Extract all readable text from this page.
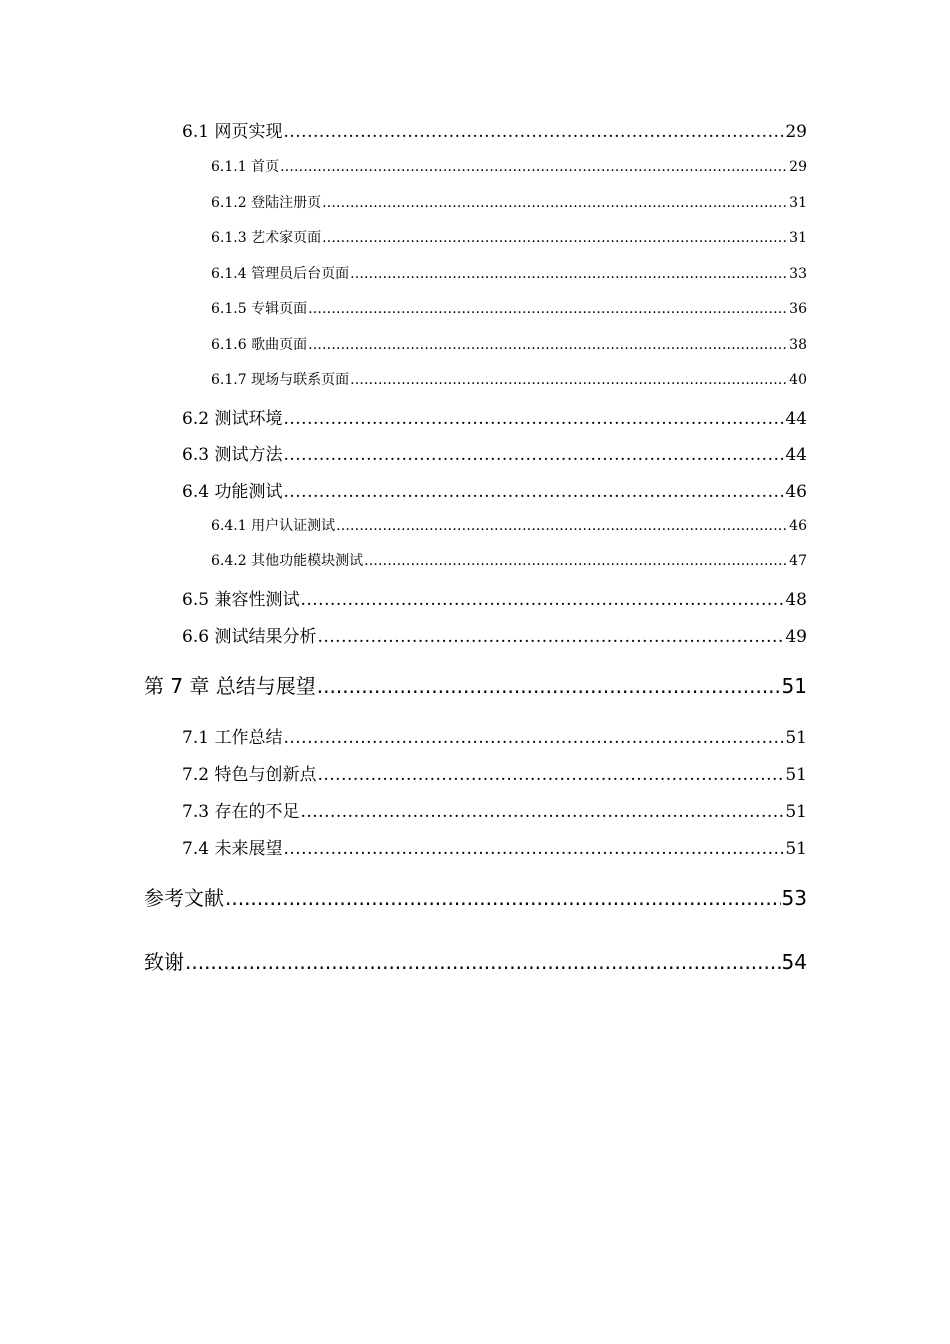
6.1 网页实现 .....	29
6.1.1 首页 .....	29
6.1.2 登陆注册页 .....	31
6.1.3 艺术家页面 .....	31
6.1.4 管理员后台页面 .....	33
6.1.5 专辑页面 .....	36
6.1.6 歌曲页面 .....	38
6.1.7 现场与联系页面 .....	40
6.2 测试环境 .....	44
6.3 测试方法 .....	44
6.4 功能测试 .....	46
6.4.1 用户认证测试 .....	46
6.4.2 其他功能模块测试 .....	47
6.5 兼容性测试 .....	48
6.6 测试结果分析 .....	49
第 7 章 总结与展望 .....	51
7.1 工作总结 .....	51
7.2 特色与创新点 .....	51
7.3 存在的不足 .....	51
7.4 未来展望 .....	51
参考文献 .....	53
致谢 .....	54
